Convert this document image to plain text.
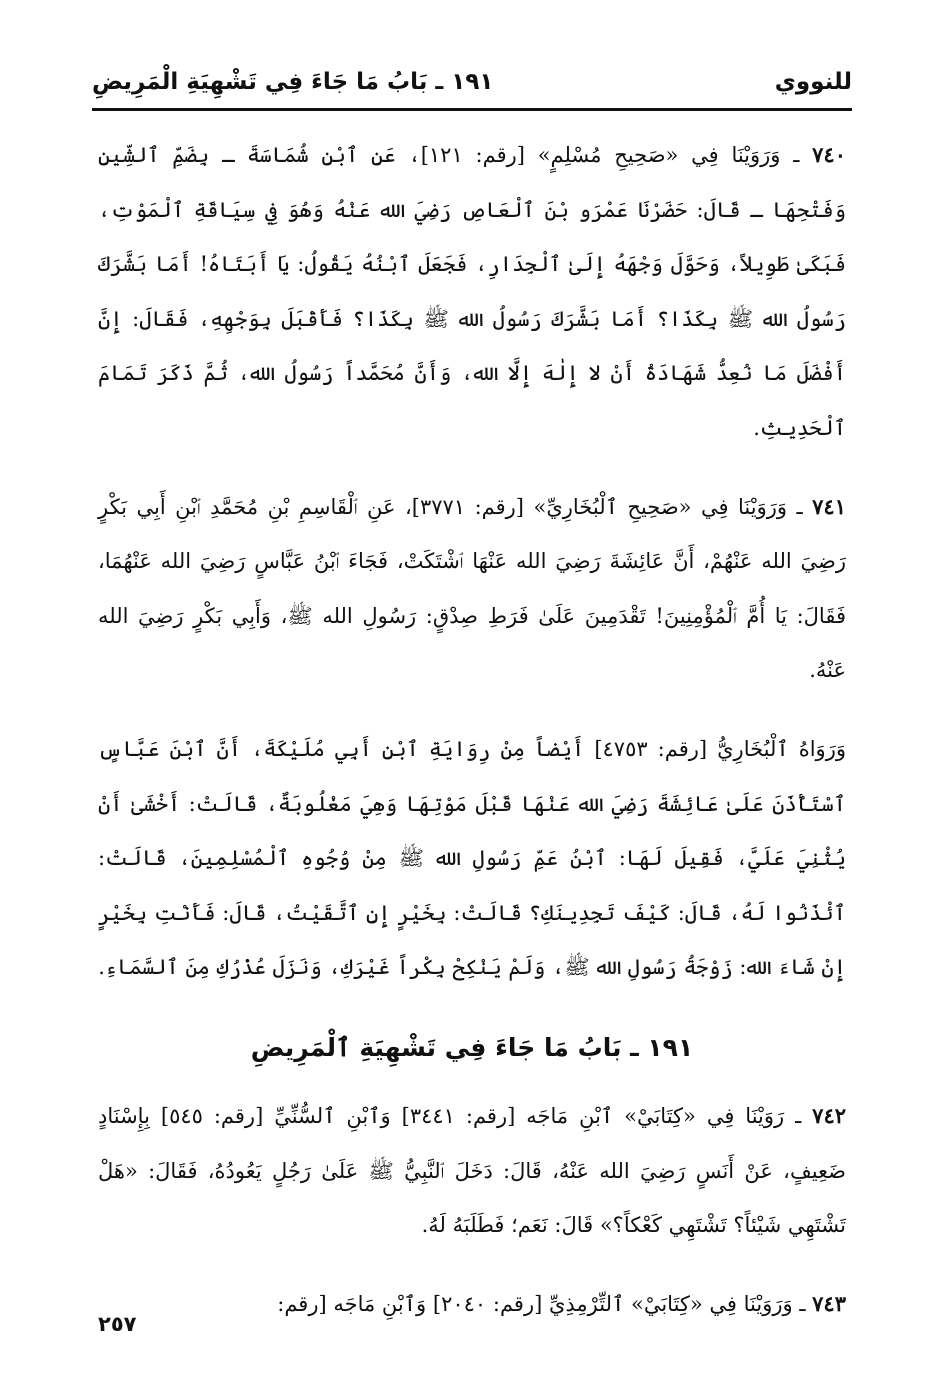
للنووي
١٩١ ـ بَابُ مَا جَاءَ فِي تَشْهِيَةِ الْمَرِيضِ

٧٤٠ ـ وَرَوَيْنَا فِي «صَحِيحِ مُسْلِمٍ» [رقم: ١٢١]، عَنِ ٱبْنِ شُمَاسَةَ ـ بِضَمِّ ٱلشِّينِ وَفَتْحِهَا ـ قَالَ: حَضَرْنَا عَمْرَو بْنَ ٱلْعَاصِ رَضِيَ الله عَنْهُ وَهُوَ فِي سِيَاقَةِ ٱلْمَوْتِ، فَبَكَىٰ طَوِيلاً، وَحَوَّلَ وَجْهَهُ إِلَىٰ ٱلْجِدَارِ، فَجَعَلَ ٱبْنُهُ يَقُولُ: يَا أَبَتَاهُ! أَمَا بَشَّرَكَ رَسُولُ الله ﷺ بِكَذَا؟ أَمَا بَشَّرَكَ رَسُولُ الله ﷺ بِكَذَا؟ فَأَقْبَلَ بِوَجْهِهِ، فَقَالَ: إِنَّ أَفْضَلَ مَا نُعِدُّ شَهَادَةُ أَنْ لا إِلٰهَ إِلَّا الله، وَأَنَّ مُحَمَّداً رَسُولُ الله، ثُمَّ ذَكَرَ تَمَامَ ٱلْحَدِيثِ.

٧٤١ ـ وَرَوَيْنَا فِي «صَحِيحِ ٱلْبُخَارِيِّ» [رقم: ٣٧٧١]، عَنِ ٱلْقَاسِمِ بْنِ مُحَمَّدِ ٱبْنِ أَبِي بَكْرٍ رَضِيَ الله عَنْهُمْ، أَنَّ عَائِشَةَ رَضِيَ الله عَنْهَا ٱشْتَكَتْ، فَجَاءَ ٱبْنُ عَبَّاسٍ رَضِيَ الله عَنْهُمَا، فَقَالَ: يَا أُمَّ ٱلْمُؤْمِنِينَ! تَقْدَمِينَ عَلَىٰ فَرَطِ صِدْقٍ: رَسُولِ الله ﷺ، وَأَبِي بَكْرٍ رَضِيَ الله عَنْهُ.

وَرَوَاهُ ٱلْبُخَارِيُّ [رقم: ٤٧٥٣] أَيْضاً مِنْ رِوَايَةِ ٱبْنِ أَبِي مُلَيْكَةَ، أَنَّ ٱبْنَ عَبَّاسٍ ٱسْتَأْذَنَ عَلَىٰ عَائِشَةَ رَضِيَ الله عَنْهَا قَبْلَ مَوْتِهَا وَهِيَ مَغْلُوبَةٌ، قَالَتْ: أَخْشَىٰ أَنْ يُثْنِيَ عَلَيَّ، فَقِيلَ لَهَا: ٱبْنُ عَمِّ رَسُولِ الله ﷺ مِنْ وُجُوهِ ٱلْمُسْلِمِينَ، قَالَتْ: ٱئْذَنُوا لَهُ، قَالَ: كَيْفَ تَجِدِينَكِ؟ قَالَتْ: بِخَيْرٍ إِنِ ٱتَّقَيْتُ، قَالَ: فَأَنْتِ بِخَيْرٍ إِنْ شَاءَ الله: زَوْجَةُ رَسُولِ الله ﷺ، وَلَمْ يَنْكِحْ بِكْراً غَيْرَكِ، وَنَزَلَ عُذْرُكِ مِنَ ٱلسَّمَاءِ.

١٩١ ـ بَابُ مَا جَاءَ فِي تَشْهِيَةِ ٱلْمَرِيضِ

٧٤٢ ـ رَوَيْنَا فِي «كِتَابَيْ» ٱبْنِ مَاجَه [رقم: ٣٤٤١] وَٱبْنِ ٱلسُّنِّيِّ [رقم: ٥٤٥] بِإِسْنَادٍ ضَعِيفٍ، عَنْ أَنَسٍ رَضِيَ الله عَنْهُ، قَالَ: دَخَلَ ٱلنَّبِيُّ ﷺ عَلَىٰ رَجُلٍ يَعُودُهُ، فَقَالَ: «هَلْ تَشْتَهِي شَيْئاً؟ تَشْتَهِي كَعْكاً؟» قَالَ: نَعَم؛ فَطَلَبَهُ لَهُ.

٧٤٣ ـ وَرَوَيْنَا فِي «كِتَابَيْ» ٱلتِّرْمِذِيِّ [رقم: ٢٠٤٠] وَٱبْنِ مَاجَه [رقم:

٢٥٧
